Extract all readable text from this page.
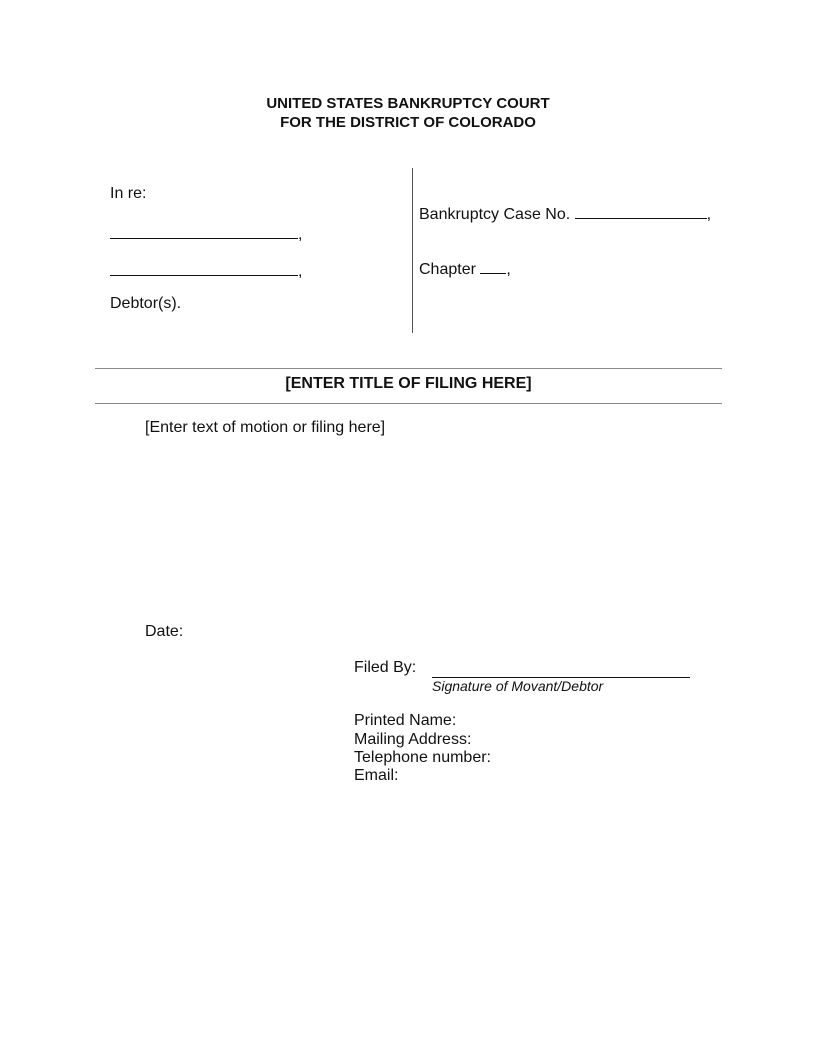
UNITED STATES BANKRUPTCY COURT
FOR THE DISTRICT OF COLORADO
In re:
,
,
Debtor(s).
Bankruptcy Case No.	,
Chapter ,
[ENTER TITLE OF FILING HERE]
[Enter text of motion or filing here]
Date:
Filed By:
Signature of Movant/Debtor
Printed Name:
Mailing Address:
Telephone number:
Email:
